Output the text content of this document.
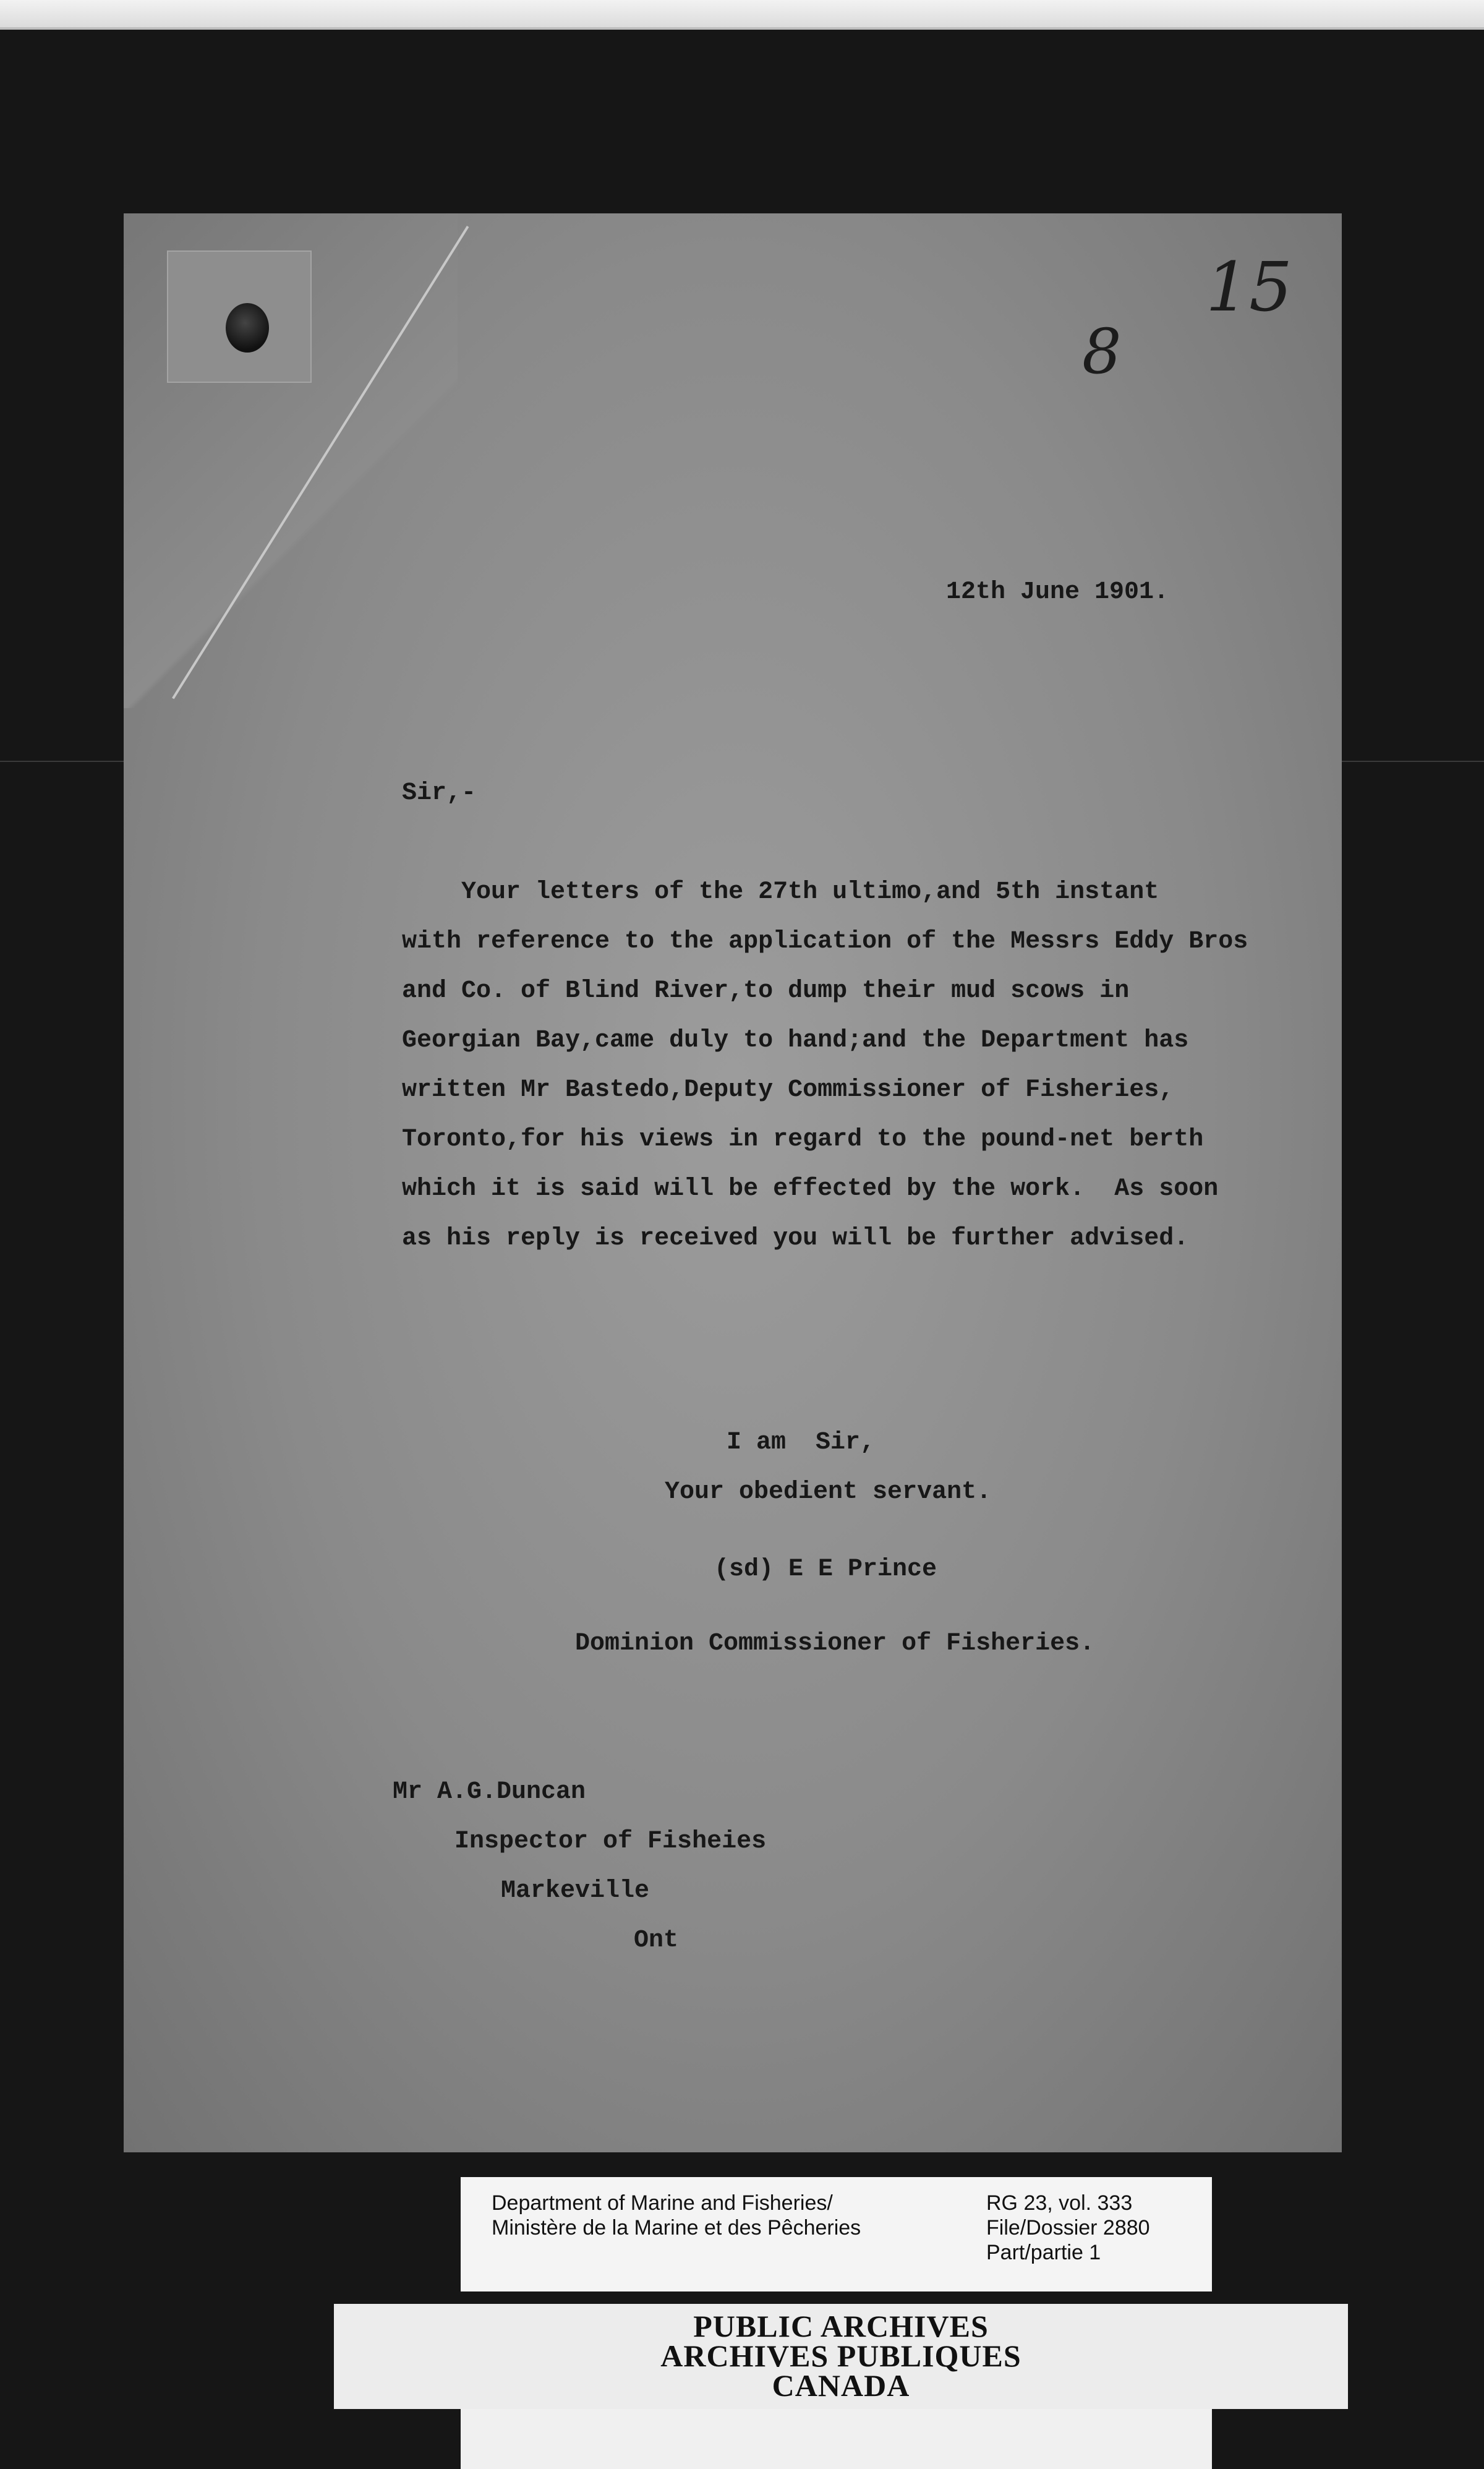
15
8
12th June 1901.
Sir,-
Your letters of the 27th ultimo,and 5th instant
with reference to the application of the Messrs Eddy Bros
and Co. of Blind River,to dump their mud scows in
Georgian Bay,came duly to hand;and the Department has
written Mr Bastedo,Deputy Commissioner of Fisheries,
Toronto,for his views in regard to the pound-net berth
which it is said will be effected by the work.  As soon
as his reply is received you will be further advised.
I am  Sir,
Your obedient servant.
(sd) E E Prince
Dominion Commissioner of Fisheries.
Mr A.G.Duncan
Inspector of Fisheies
Markeville
Ont
Department of Marine and Fisheries/
Ministère de la Marine et des Pêcheries
RG 23, vol. 333
File/Dossier 2880
Part/partie 1
PUBLIC ARCHIVES
ARCHIVES PUBLIQUES
CANADA
